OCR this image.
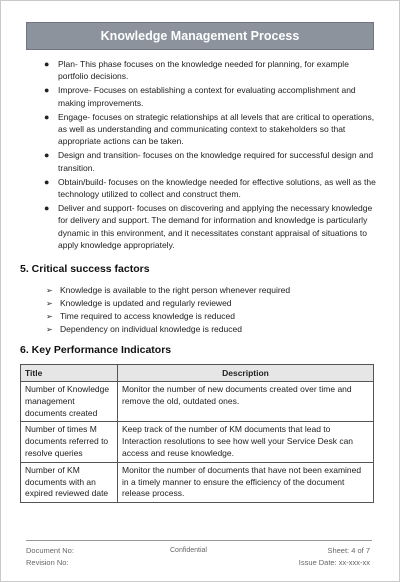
Knowledge Management Process
● Plan- This phase focuses on the knowledge needed for planning, for example portfolio decisions.
● Improve- Focuses on establishing a context for evaluating accomplishment and making improvements.
● Engage- focuses on strategic relationships at all levels that are critical to operations, as well as understanding and communicating context to stakeholders so that appropriate actions can be taken.
● Design and transition- focuses on the knowledge required for successful design and transition.
● Obtain/build- focuses on the knowledge needed for effective solutions, as well as the technology utilized to collect and construct them.
● Deliver and support- focuses on discovering and applying the necessary knowledge for delivery and support. The demand for information and knowledge is particularly dynamic in this environment, and it necessitates constant appraisal of situations to apply knowledge appropriately.
5. Critical success factors
➢ Knowledge is available to the right person whenever required
➢ Knowledge is updated and regularly reviewed
➢ Time required to access knowledge is reduced
➢ Dependency on individual knowledge is reduced
6. Key Performance Indicators
Title	Description
Number of Knowledge management documents created	Monitor the number of new documents created over time and remove the old, outdated ones.
Number of times M documents referred to resolve queries	Keep track of the number of KM documents that lead to Interaction resolutions to see how well your Service Desk can access and reuse knowledge.
Number of KM documents with an expired reviewed date	Monitor the number of documents that have not been examined in a timely manner to ensure the efficiency of the document release process.
Document No:
Revision No:
Confidential	Sheet: 4 of 7
Issue Date: xx-xxx-xx
